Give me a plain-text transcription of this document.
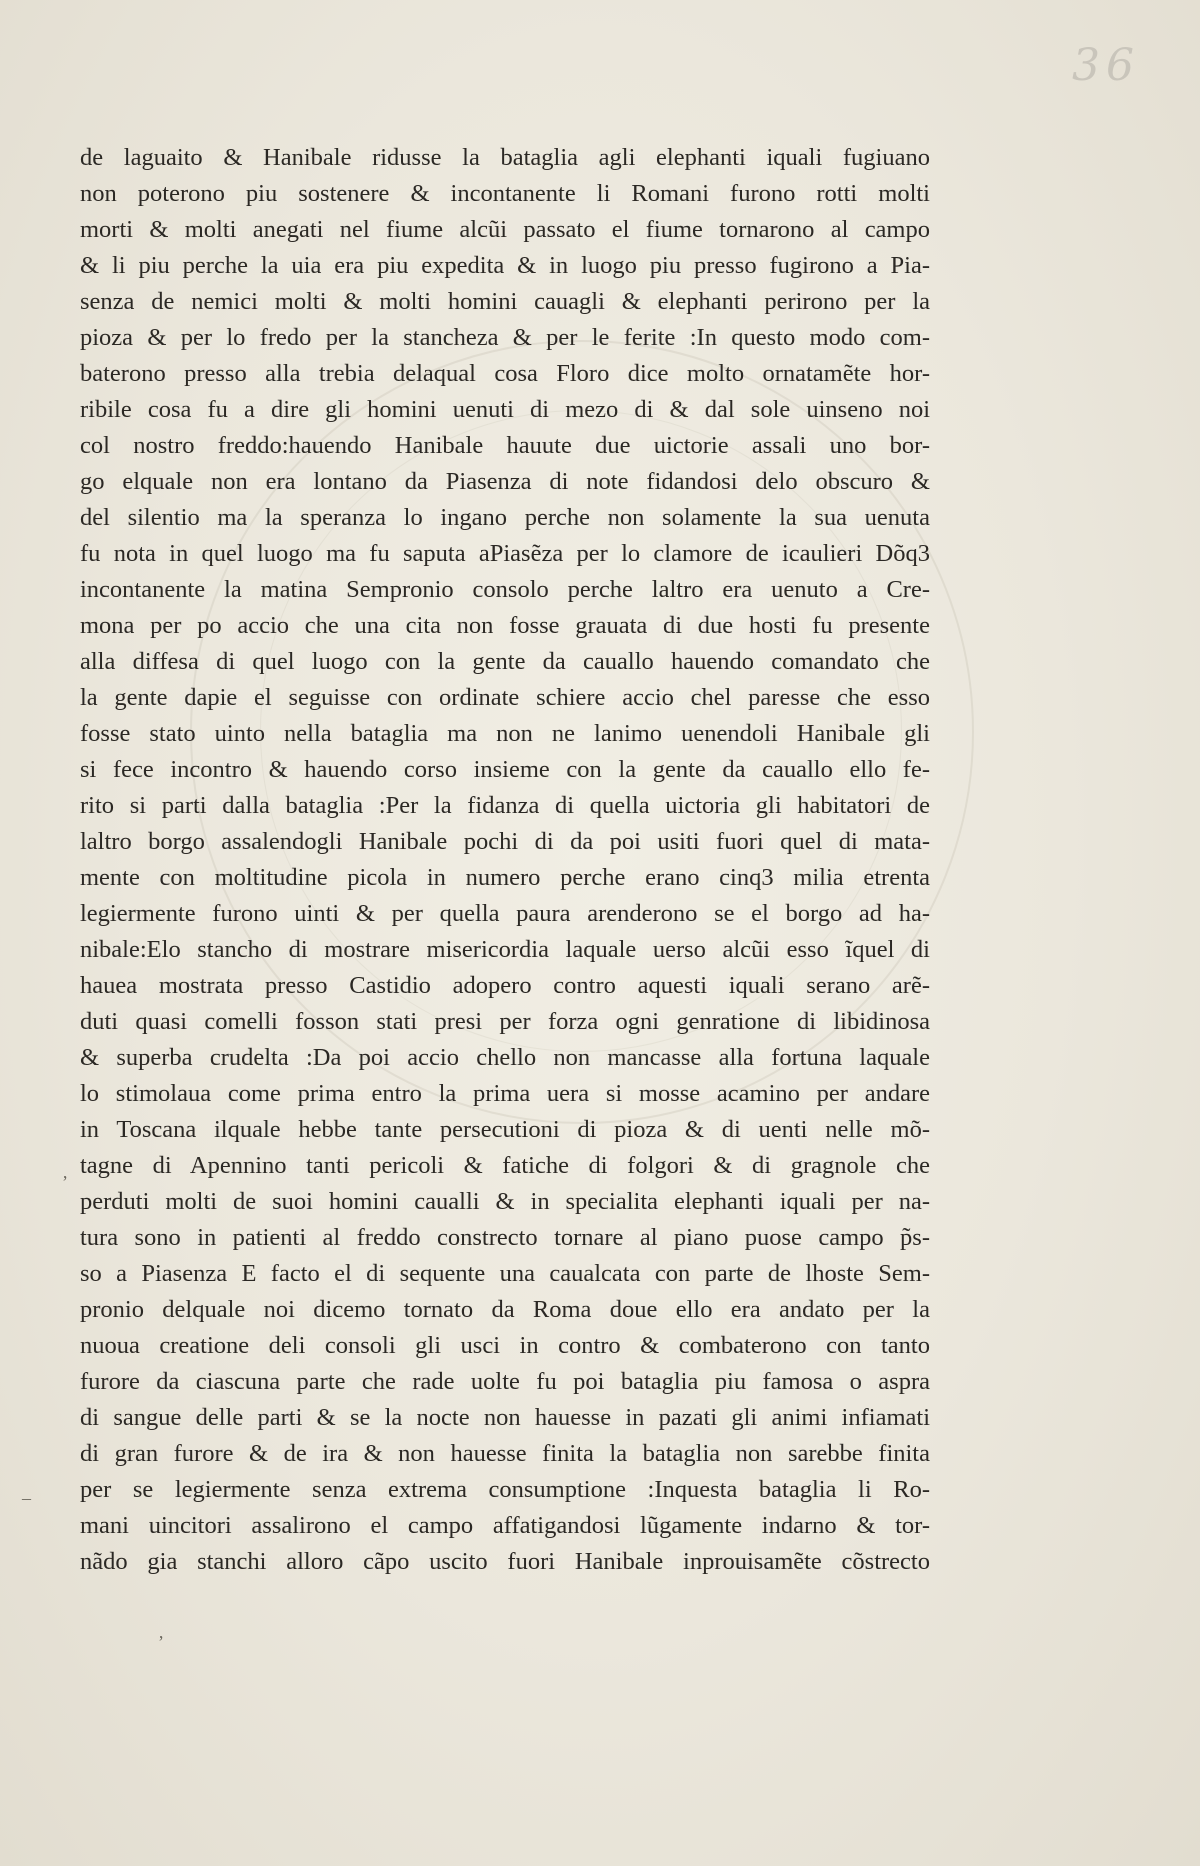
36
de laguaito & Hanibale ridusse la bataglia agli elephanti iquali fugiuano
non poterono piu sostenere & incontanente li Romani furono rotti molti
morti & molti anegati nel fiume alcũi passato el fiume tornarono al campo
& li piu perche la uia era piu expedita & in luogo piu presso fugirono a Pia-
senza de nemici molti & molti homini cauagli & elephanti perirono per la
pioza & per lo fredo per la stancheza & per le ferite :In questo modo com-
baterono presso alla trebia delaqual cosa Floro dice molto ornatamẽte hor-
ribile cosa fu a dire gli homini uenuti di mezo di & dal sole uinseno noi
col nostro freddo:hauendo Hanibale hauute due uictorie assali uno bor-
go elquale non era lontano da Piasenza di note fidandosi delo obscuro &
del silentio ma la speranza lo ingano perche non solamente la sua uenuta
fu nota in quel luogo ma fu saputa aPiasẽza per lo clamore de icaulieri Dõq3
incontanente la matina Sempronio consolo perche laltro era uenuto a Cre-
mona per po accio che una cita non fosse grauata di due hosti fu presente
alla diffesa di quel luogo con la gente da cauallo hauendo comandato che
la gente dapie el seguisse con ordinate schiere accio chel paresse che esso
fosse stato uinto nella bataglia ma non ne lanimo uenendoli Hanibale gli
si fece incontro & hauendo corso insieme con la gente da cauallo ello fe-
rito si parti dalla bataglia :Per la fidanza di quella uictoria gli habitatori de
laltro borgo assalendogli Hanibale pochi di da poi usiti fuori quel di mata-
mente con moltitudine picola in numero perche erano cinq3 milia etrenta
legiermente furono uinti & per quella paura arenderono se el borgo ad ha-
nibale:Elo stancho di mostrare misericordia laquale uerso alcũi esso ĩquel di
hauea mostrata presso Castidio adopero contro aquesti iquali serano arẽ-
duti quasi comelli fosson stati presi per forza ogni genratione di libidinosa
& superba crudelta :Da poi accio chello non mancasse alla fortuna laquale
lo stimolaua come prima entro la prima uera si mosse acamino per andare
in Toscana ilquale hebbe tante persecutioni di pioza & di uenti nelle mõ-
tagne di Apennino tanti pericoli & fatiche di folgori & di gragnole che
perduti molti de suoi homini caualli & in specialita elephanti iquali per na-
tura sono in patienti al freddo constrecto tornare al piano puose campo p̃s-
so a Piasenza E facto el di sequente una caualcata con parte de lhoste Sem-
pronio delquale noi dicemo tornato da Roma doue ello era andato per la
nuoua creatione deli consoli gli usci in contro & combaterono con tanto
furore da ciascuna parte che rade uolte fu poi bataglia piu famosa o aspra
di sangue delle parti & se la nocte non hauesse in pazati gli animi infiamati
di gran furore & de ira & non hauesse finita la bataglia non sarebbe finita
per se legiermente senza extrema consumptione :Inquesta bataglia li Ro-
mani uincitori assalirono el campo affatigandosi lũgamente indarno & tor-
nãdo gia stanchi alloro cãpo uscito fuori Hanibale inprouisamẽte cõstrecto
ʼ
–
ʼ
